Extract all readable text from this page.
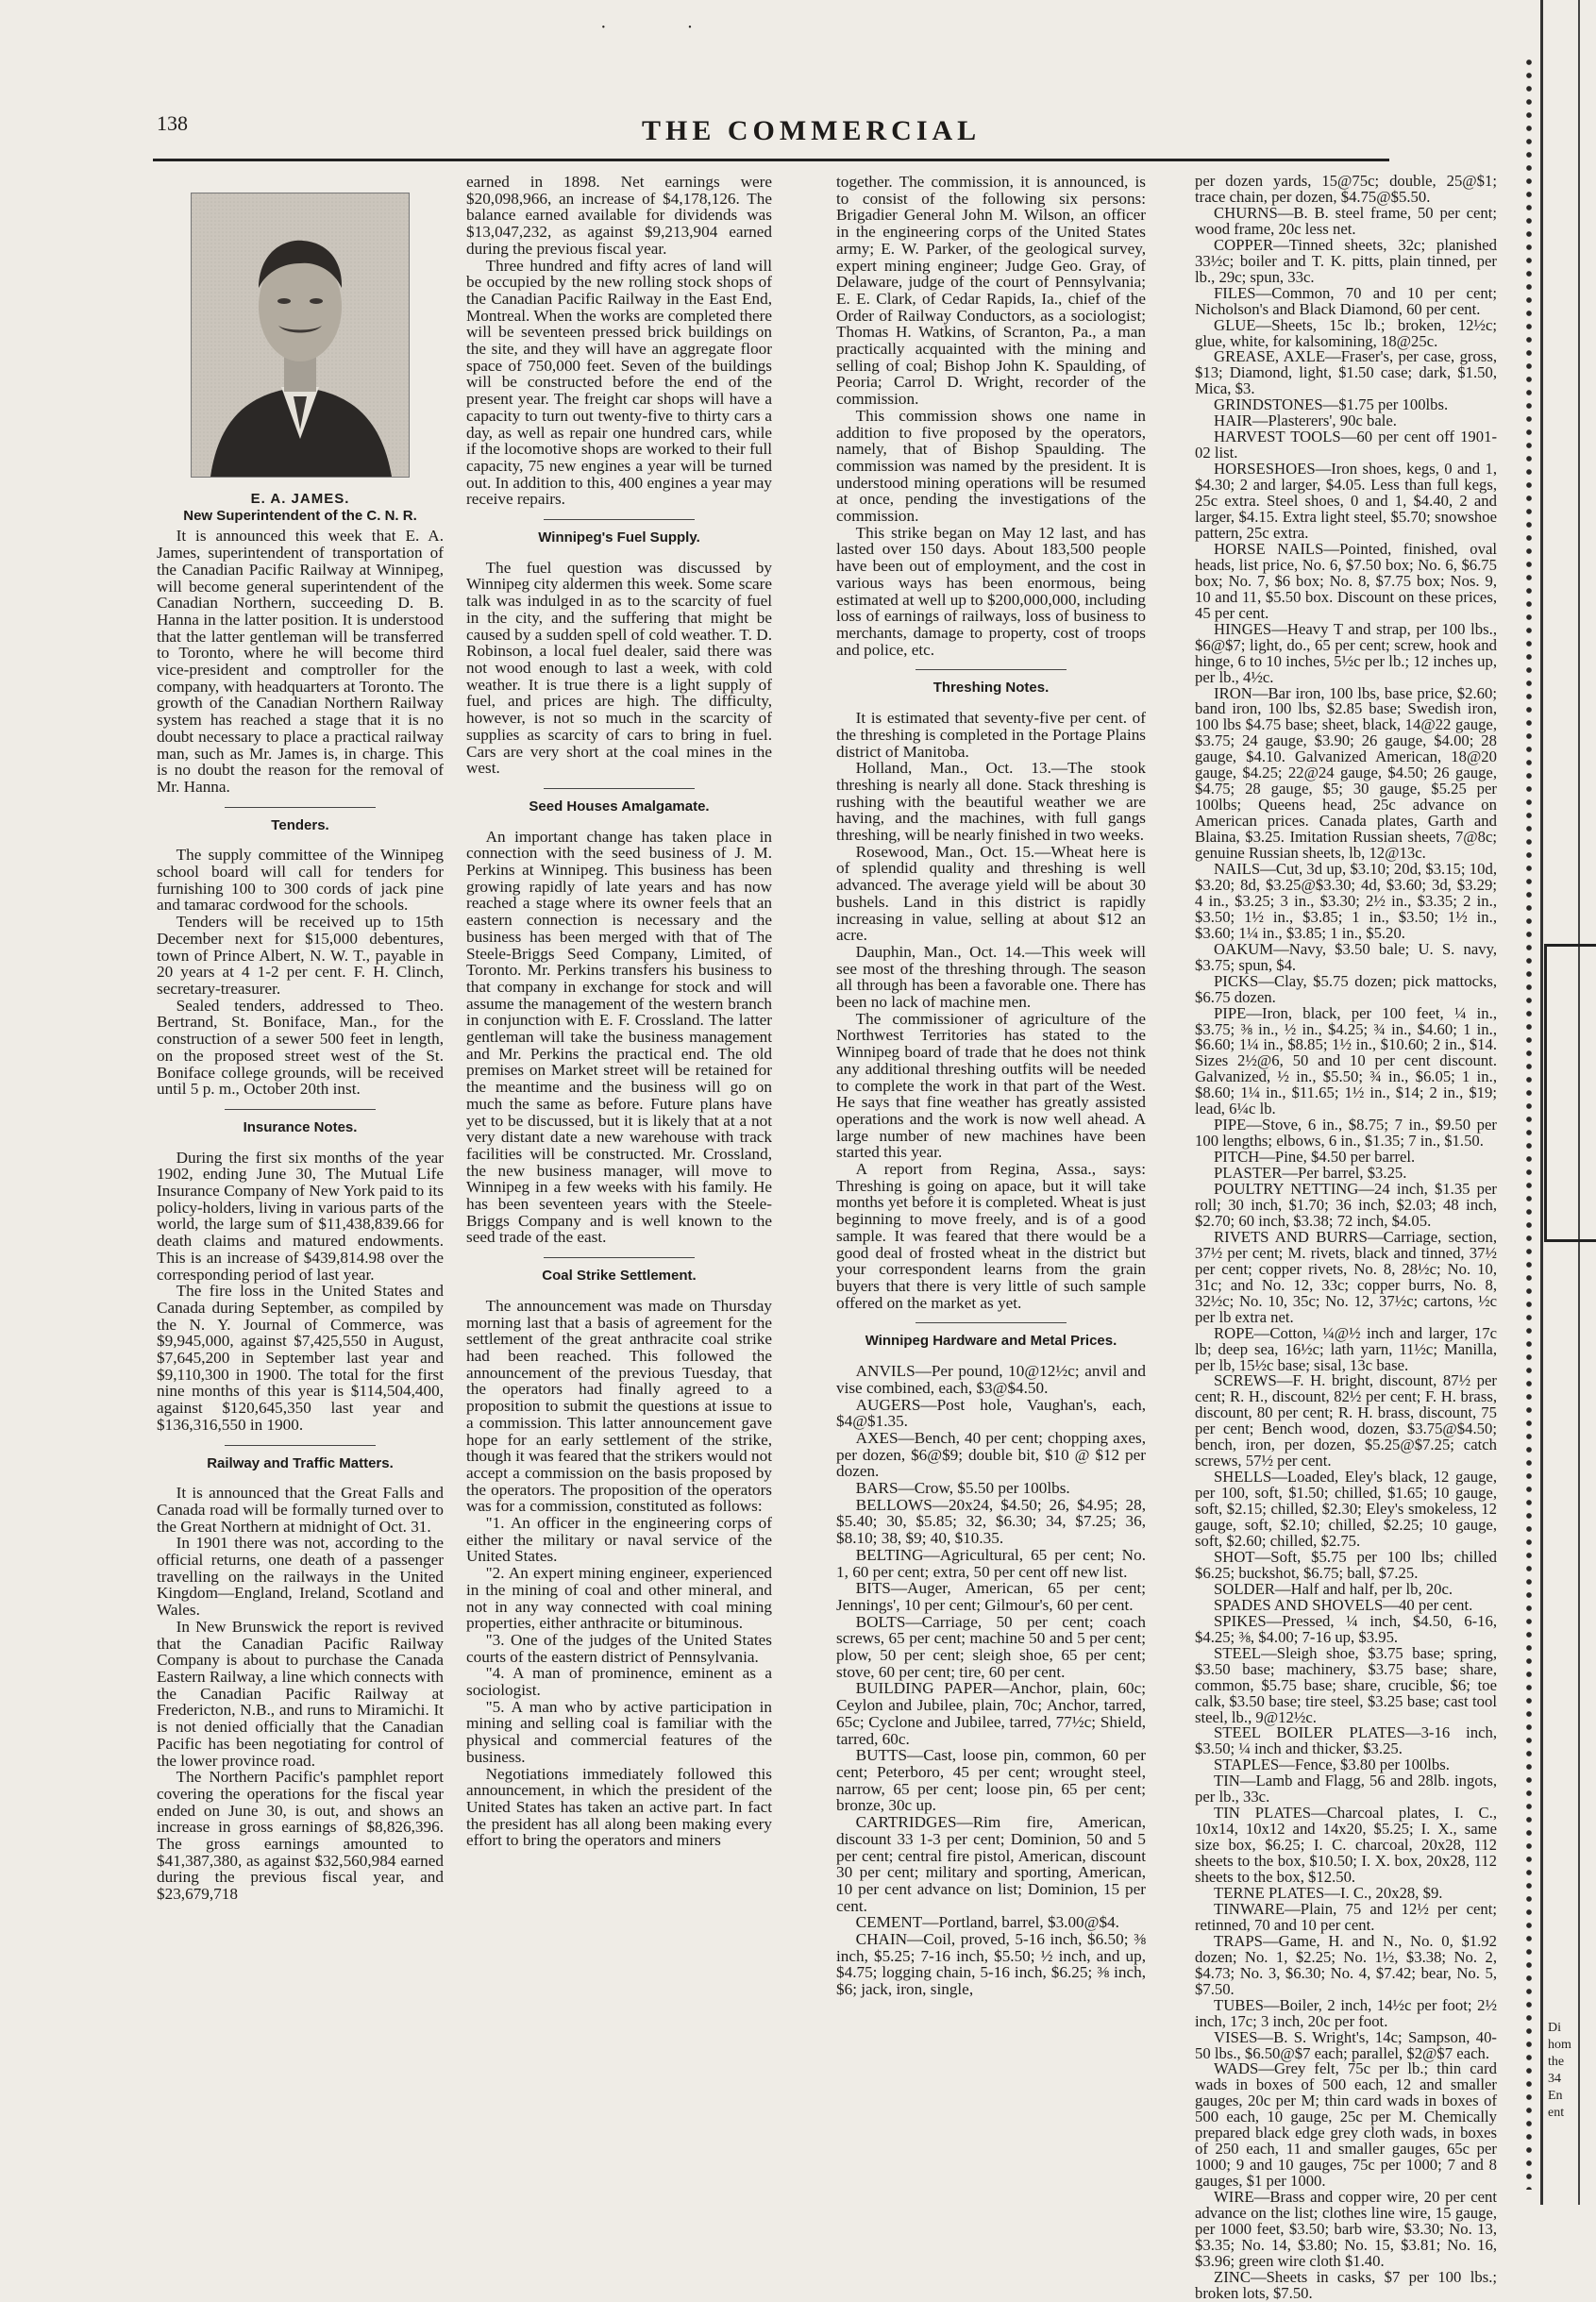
· ·
138	THE COMMERCIAL
E. A. JAMES.
New Superintendent of the C. N. R.

It is announced this week that E. A. James, superintendent of transportation of the Canadian Pacific Railway at Winnipeg, will become general superintendent of the Canadian Northern, succeeding D. B. Hanna in the latter position. It is understood that the latter gentleman will be transferred to Toronto, where he will become third vice-president and comptroller for the company, with headquarters at Toronto. The growth of the Canadian Northern Railway system has reached a stage that it is no doubt necessary to place a practical railway man, such as Mr. James is, in charge. This is no doubt the reason for the removal of Mr. Hanna.

Tenders.

The supply committee of the Winnipeg school board will call for tenders for furnishing 100 to 300 cords of jack pine and tamarac cordwood for the schools.

Tenders will be received up to 15th December next for $15,000 debentures, town of Prince Albert, N. W. T., payable in 20 years at 4 1-2 per cent. F. H. Clinch, secretary-treasurer.

Sealed tenders, addressed to Theo. Bertrand, St. Boniface, Man., for the construction of a sewer 500 feet in length, on the proposed street west of the St. Boniface college grounds, will be received until 5 p. m., October 20th inst.

Insurance Notes.

During the first six months of the year 1902, ending June 30, The Mutual Life Insurance Company of New York paid to its policy-holders, living in various parts of the world, the large sum of $11,438,839.66 for death claims and matured endowments. This is an increase of $439,814.98 over the corresponding period of last year.

The fire loss in the United States and Canada during September, as compiled by the N. Y. Journal of Commerce, was $9,945,000, against $7,425,550 in August, $7,645,200 in September last year and $9,110,300 in 1900. The total for the first nine months of this year is $114,504,400, against $120,645,350 last year and $136,316,550 in 1900.

Railway and Traffic Matters.

It is announced that the Great Falls and Canada road will be formally turned over to the Great Northern at midnight of Oct. 31.

In 1901 there was not, according to the official returns, one death of a passenger travelling on the railways in the United Kingdom—England, Ireland, Scotland and Wales.

In New Brunswick the report is revived that the Canadian Pacific Railway Company is about to purchase the Canada Eastern Railway, a line which connects with the Canadian Pacific Railway at Fredericton, N.B., and runs to Miramichi. It is not denied officially that the Canadian Pacific has been negotiating for control of the lower province road.

The Northern Pacific's pamphlet report covering the operations for the fiscal year ended on June 30, is out, and shows an increase in gross earnings of $8,826,396. The gross earnings amounted to $41,387,380, as against $32,560,984 earned during the previous fiscal year, and $23,679,718

earned in 1898. Net earnings were $20,098,966, an increase of $4,178,126. The balance earned available for dividends was $13,047,232, as against $9,213,904 earned during the previous fiscal year.

Three hundred and fifty acres of land will be occupied by the new rolling stock shops of the Canadian Pacific Railway in the East End, Montreal. When the works are completed there will be seventeen pressed brick buildings on the site, and they will have an aggregate floor space of 750,000 feet. Seven of the buildings will be constructed before the end of the present year. The freight car shops will have a capacity to turn out twenty-five to thirty cars a day, as well as repair one hundred cars, while if the locomotive shops are worked to their full capacity, 75 new engines a year will be turned out. In addition to this, 400 engines a year may receive repairs.

Winnipeg's Fuel Supply.

The fuel question was discussed by Winnipeg city aldermen this week. Some scare talk was indulged in as to the scarcity of fuel in the city, and the suffering that might be caused by a sudden spell of cold weather. T. D. Robinson, a local fuel dealer, said there was not wood enough to last a week, with cold weather. It is true there is a light supply of fuel, and prices are high. The difficulty, however, is not so much in the scarcity of supplies as scarcity of cars to bring in fuel. Cars are very short at the coal mines in the west.

Seed Houses Amalgamate.

An important change has taken place in connection with the seed business of J. M. Perkins at Winnipeg. This business has been growing rapidly of late years and has now reached a stage where its owner feels that an eastern connection is necessary and the business has been merged with that of The Steele-Briggs Seed Company, Limited, of Toronto. Mr. Perkins transfers his business to that company in exchange for stock and will assume the management of the western branch in conjunction with E. F. Crossland. The latter gentleman will take the business management and Mr. Perkins the practical end. The old premises on Market street will be retained for the meantime and the business will go on much the same as before. Future plans have yet to be discussed, but it is likely that at a not very distant date a new warehouse with track facilities will be constructed. Mr. Crossland, the new business manager, will move to Winnipeg in a few weeks with his family. He has been seventeen years with the Steele-Briggs Company and is well known to the seed trade of the east.

Coal Strike Settlement.

The announcement was made on Thursday morning last that a basis of agreement for the settlement of the great anthracite coal strike had been reached. This followed the announcement of the previous Tuesday, that the operators had finally agreed to a proposition to submit the questions at issue to a commission. This latter announcement gave hope for an early settlement of the strike, though it was feared that the strikers would not accept a commission on the basis proposed by the operators. The proposition of the operators was for a commission, constituted as follows:

"1. An officer in the engineering corps of either the military or naval service of the United States.

"2. An expert mining engineer, experienced in the mining of coal and other mineral, and not in any way connected with coal mining properties, either anthracite or bituminous.

"3. One of the judges of the United States courts of the eastern district of Pennsylvania.

"4. A man of prominence, eminent as a sociologist.

"5. A man who by active participation in mining and selling coal is familiar with the physical and commercial features of the business.

Negotiations immediately followed this announcement, in which the president of the United States has taken an active part. In fact the president has all along been making every effort to bring the operators and miners

together. The commission, it is announced, is to consist of the following six persons: Brigadier General John M. Wilson, an officer in the engineering corps of the United States army; E. W. Parker, of the geological survey, expert mining engineer; Judge Geo. Gray, of Delaware, judge of the court of Pennsylvania; E. E. Clark, of Cedar Rapids, Ia., chief of the Order of Railway Conductors, as a sociologist; Thomas H. Watkins, of Scranton, Pa., a man practically acquainted with the mining and selling of coal; Bishop John K. Spaulding, of Peoria; Carrol D. Wright, recorder of the commission.

This commission shows one name in addition to five proposed by the operators, namely, that of Bishop Spaulding. The commission was named by the president. It is understood mining operations will be resumed at once, pending the investigations of the commission.

This strike began on May 12 last, and has lasted over 150 days. About 183,500 people have been out of employment, and the cost in various ways has been enormous, being estimated at well up to $200,000,000, including loss of earnings of railways, loss of business to merchants, damage to property, cost of troops and police, etc.

Threshing Notes.

It is estimated that seventy-five per cent. of the threshing is completed in the Portage Plains district of Manitoba.

Holland, Man., Oct. 13.—The stook threshing is nearly all done. Stack threshing is rushing with the beautiful weather we are having, and the machines, with full gangs threshing, will be nearly finished in two weeks.

Rosewood, Man., Oct. 15.—Wheat here is of splendid quality and threshing is well advanced. The average yield will be about 30 bushels. Land in this district is rapidly increasing in value, selling at about $12 an acre.

Dauphin, Man., Oct. 14.—This week will see most of the threshing through. The season all through has been a favorable one. There has been no lack of machine men.

The commissioner of agriculture of the Northwest Territories has stated to the Winnipeg board of trade that he does not think any additional threshing outfits will be needed to complete the work in that part of the West. He says that fine weather has greatly assisted operations and the work is now well ahead. A large number of new machines have been started this year.

A report from Regina, Assa., says: Threshing is going on apace, but it will take months yet before it is completed. Wheat is just beginning to move freely, and is of a good sample. It was feared that there would be a good deal of frosted wheat in the district but your correspondent learns from the grain buyers that there is very little of such sample offered on the market as yet.

Winnipeg Hardware and Metal Prices.

ANVILS—Per pound, 10@12½c; anvil and vise combined, each, $3@$4.50.

AUGERS—Post hole, Vaughan's, each, $4@$1.35.

AXES—Bench, 40 per cent; chopping axes, per dozen, $6@$9; double bit, $10 @ $12 per dozen.

BARS—Crow, $5.50 per 100lbs.

BELLOWS—20x24, $4.50; 26, $4.95; 28, $5.40; 30, $5.85; 32, $6.30; 34, $7.25; 36, $8.10; 38, $9; 40, $10.35.

BELTING—Agricultural, 65 per cent; No. 1, 60 per cent; extra, 50 per cent off new list.

BITS—Auger, American, 65 per cent; Jennings', 10 per cent; Gilmour's, 60 per cent.

BOLTS—Carriage, 50 per cent; coach screws, 65 per cent; machine 50 and 5 per cent; plow, 50 per cent; sleigh shoe, 65 per cent; stove, 60 per cent; tire, 60 per cent.

BUILDING PAPER—Anchor, plain, 60c; Ceylon and Jubilee, plain, 70c; Anchor, tarred, 65c; Cyclone and Jubilee, tarred, 77½c; Shield, tarred, 60c.

BUTTS—Cast, loose pin, common, 60 per cent; Peterboro, 45 per cent; wrought steel, narrow, 65 per cent; loose pin, 65 per cent; bronze, 30c up.

CARTRIDGES—Rim fire, American, discount 33 1-3 per cent; Dominion, 50 and 5 per cent; central fire pistol, American, discount 30 per cent; military and sporting, American, 10 per cent advance on list; Dominion, 15 per cent.

CEMENT—Portland, barrel, $3.00@$4.

CHAIN—Coil, proved, 5-16 inch, $6.50; ⅜ inch, $5.25; 7-16 inch, $5.50; ½ inch, and up, $4.75; logging chain, 5-16 inch, $6.25; ⅜ inch, $6; jack, iron, single,

per dozen yards, 15@75c; double, 25@$1; trace chain, per dozen, $4.75@$5.50.

CHURNS—B. B. steel frame, 50 per cent; wood frame, 20c less net.

COPPER—Tinned sheets, 32c; planished 33½c; boiler and T. K. pitts, plain tinned, per lb., 29c; spun, 33c.

FILES—Common, 70 and 10 per cent; Nicholson's and Black Diamond, 60 per cent.

GLUE—Sheets, 15c lb.; broken, 12½c; glue, white, for kalsomining, 18@25c.

GREASE, AXLE—Fraser's, per case, gross, $13; Diamond, light, $1.50 case; dark, $1.50, Mica, $3.

GRINDSTONES—$1.75 per 100lbs.

HAIR—Plasterers', 90c bale.

HARVEST TOOLS—60 per cent off 1901-02 list.

HORSESHOES—Iron shoes, kegs, 0 and 1, $4.30; 2 and larger, $4.05. Less than full kegs, 25c extra. Steel shoes, 0 and 1, $4.40, 2 and larger, $4.15. Extra light steel, $5.70; snowshoe pattern, 25c extra.

HORSE NAILS—Pointed, finished, oval heads, list price, No. 6, $7.50 box; No. 6, $6.75 box; No. 7, $6 box; No. 8, $7.75 box; Nos. 9, 10 and 11, $5.50 box. Discount on these prices, 45 per cent.

HINGES—Heavy T and strap, per 100 lbs., $6@$7; light, do., 65 per cent; screw, hook and hinge, 6 to 10 inches, 5½c per lb.; 12 inches up, per lb., 4½c.

IRON—Bar iron, 100 lbs, base price, $2.60; band iron, 100 lbs, $2.85 base; Swedish iron, 100 lbs $4.75 base; sheet, black, 14@22 gauge, $3.75; 24 gauge, $3.90; 26 gauge, $4.00; 28 gauge, $4.10. Galvanized American, 18@20 gauge, $4.25; 22@24 gauge, $4.50; 26 gauge, $4.75; 28 gauge, $5; 30 gauge, $5.25 per 100lbs; Queens head, 25c advance on American prices. Canada plates, Garth and Blaina, $3.25. Imitation Russian sheets, 7@8c; genuine Russian sheets, lb, 12@13c.

NAILS—Cut, 3d up, $3.10; 20d, $3.15; 10d, $3.20; 8d, $3.25@$3.30; 4d, $3.60; 3d, $3.29; 4 in., $3.25; 3 in., $3.30; 2½ in., $3.35; 2 in., $3.50; 1½ in., $3.85; 1 in., $3.50; 1½ in., $3.60; 1¼ in., $3.85; 1 in., $5.20.

OAKUM—Navy, $3.50 bale; U. S. navy, $3.75; spun, $4.

PICKS—Clay, $5.75 dozen; pick mattocks, $6.75 dozen.

PIPE—Iron, black, per 100 feet, ¼ in., $3.75; ⅜ in., ½ in., $4.25; ¾ in., $4.60; 1 in., $6.60; 1¼ in., $8.85; 1½ in., $10.60; 2 in., $14. Sizes 2½@6, 50 and 10 per cent discount. Galvanized, ½ in., $5.50; ¾ in., $6.05; 1 in., $8.60; 1¼ in., $11.65; 1½ in., $14; 2 in., $19; lead, 6¼c lb.

PIPE—Stove, 6 in., $8.75; 7 in., $9.50 per 100 lengths; elbows, 6 in., $1.35; 7 in., $1.50.

PITCH—Pine, $4.50 per barrel.

PLASTER—Per barrel, $3.25.

POULTRY NETTING—24 inch, $1.35 per roll; 30 inch, $1.70; 36 inch, $2.03; 48 inch, $2.70; 60 inch, $3.38; 72 inch, $4.05.

RIVETS AND BURRS—Carriage, section, 37½ per cent; M. rivets, black and tinned, 37½ per cent; copper rivets, No. 8, 28½c; No. 10, 31c; and No. 12, 33c; copper burrs, No. 8, 32½c; No. 10, 35c; No. 12, 37½c; cartons, ½c per lb extra net.

ROPE—Cotton, ¼@½ inch and larger, 17c lb; deep sea, 16½c; lath yarn, 11½c; Manilla, per lb, 15½c base; sisal, 13c base.

SCREWS—F. H. bright, discount, 87½ per cent; R. H., discount, 82½ per cent; F. H. brass, discount, 80 per cent; R. H. brass, discount, 75 per cent; Bench wood, dozen, $3.75@$4.50; bench, iron, per dozen, $5.25@$7.25; catch screws, 57½ per cent.

SHELLS—Loaded, Eley's black, 12 gauge, per 100, soft, $1.50; chilled, $1.65; 10 gauge, soft, $2.15; chilled, $2.30; Eley's smokeless, 12 gauge, soft, $2.10; chilled, $2.25; 10 gauge, soft, $2.60; chilled, $2.75.

SHOT—Soft, $5.75 per 100 lbs; chilled $6.25; buckshot, $6.75; ball, $7.25.

SOLDER—Half and half, per lb, 20c.

SPADES AND SHOVELS—40 per cent.

SPIKES—Pressed, ¼ inch, $4.50, 6-16, $4.25; ⅜, $4.00; 7-16 up, $3.95.

STEEL—Sleigh shoe, $3.75 base; spring, $3.50 base; machinery, $3.75 base; share, common, $5.75 base; share, crucible, $6; toe calk, $3.50 base; tire steel, $3.25 base; cast tool steel, lb., 9@12½c.

STEEL BOILER PLATES—3-16 inch, $3.50; ¼ inch and thicker, $3.25.

STAPLES—Fence, $3.80 per 100lbs.

TIN—Lamb and Flagg, 56 and 28lb. ingots, per lb., 33c.

TIN PLATES—Charcoal plates, I. C., 10x14, 10x12 and 14x20, $5.25; I. X., same size box, $6.25; I. C. charcoal, 20x28, 112 sheets to the box, $10.50; I. X. box, 20x28, 112 sheets to the box, $12.50.

TERNE PLATES—I. C., 20x28, $9.

TINWARE—Plain, 75 and 12½ per cent; retinned, 70 and 10 per cent.

TRAPS—Game, H. and N., No. 0, $1.92 dozen; No. 1, $2.25; No. 1½, $3.38; No. 2, $4.73; No. 3, $6.30; No. 4, $7.42; bear, No. 5, $7.50.

TUBES—Boiler, 2 inch, 14½c per foot; 2½ inch, 17c; 3 inch, 20c per foot.

VISES—B. S. Wright's, 14c; Sampson, 40-50 lbs., $6.50@$7 each; parallel, $2@$7 each.

WADS—Grey felt, 75c per lb.; thin card wads in boxes of 500 each, 12 and smaller gauges, 20c per M; thin card wads in boxes of 500 each, 10 gauge, 25c per M. Chemically prepared black edge grey cloth wads, in boxes of 250 each, 11 and smaller gauges, 65c per 1000; 9 and 10 gauges, 75c per 1000; 7 and 8 gauges, $1 per 1000.

WIRE—Brass and copper wire, 20 per cent advance on the list; clothes line wire, 15 gauge, per 1000 feet, $3.50; barb wire, $3.30; No. 13, $3.35; No. 14, $3.80; No. 15, $3.81; No. 16, $3.96; green wire cloth $1.40.

ZINC—Sheets in casks, $7 per 100 lbs.; broken lots, $7.50.

Di
hom
the
34
En
ent
